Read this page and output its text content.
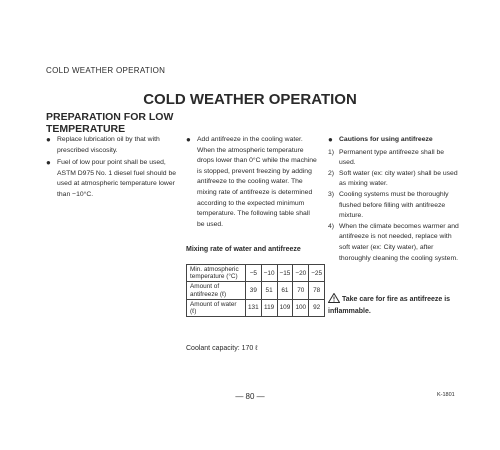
COLD WEATHER OPERATION
COLD WEATHER OPERATION
PREPARATION FOR LOW TEMPERATURE
● Replace lubrication oil by that with prescribed viscosity.
● Fuel of low pour point shall be used, ASTM D975 No. 1 diesel fuel should be used at atmospheric temperature lower than −10°C.
● Add antifreeze in the cooling water. When the atmospheric temperature drops lower than 0°C while the machine is stopped, prevent freezing by adding antifreeze to the cooling water. The mixing rate of antifreeze is determined according to the expected minimum temperature. The following table shall be used.
Mixing rate of water and antifreeze
Min. atmospheric temperature (°C)	−5	−10	−15	−20	−25
Amount of antifreeze (ℓ)	39	51	61	70	78
Amount of water (ℓ)	131	119	109	100	92
Coolant capacity: 170 ℓ
● Cautions for using antifreeze
1) Permanent type antifreeze shall be used.
2) Soft water (ex: city water) shall be used as mixing water.
3) Cooling systems must be thoroughly flushed before filling with antifreeze mixture.
4) When the climate becomes warmer and antifreeze is not needed, replace with soft water (ex: City water), after thoroughly cleaning the cooling system.
Take care for fire as antifreeze is inflammable.
— 80 —	K-1801
